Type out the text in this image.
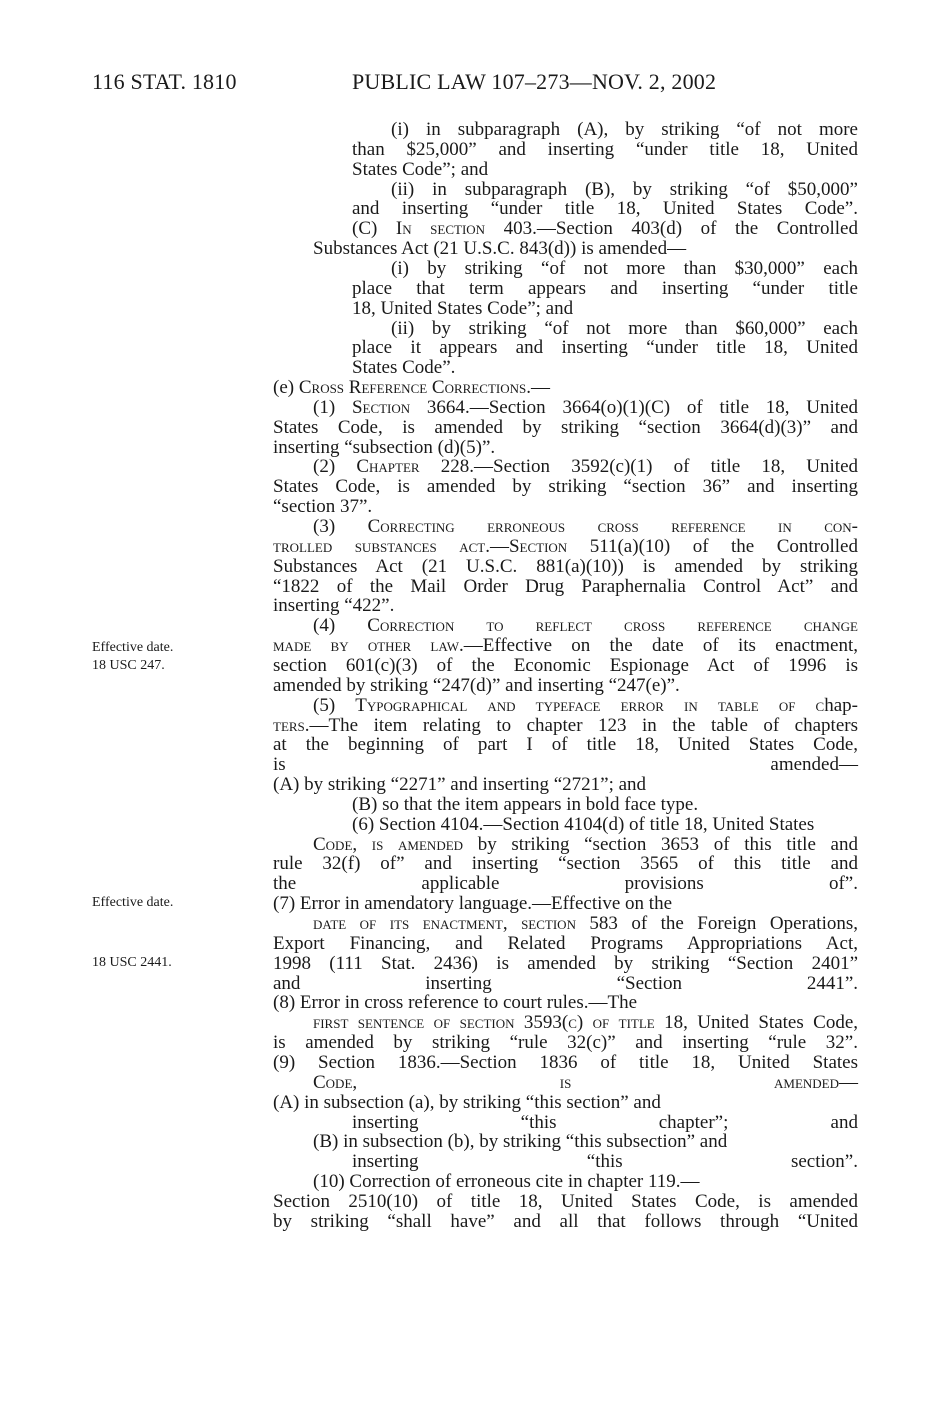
116 STAT. 1810	PUBLIC LAW 107–273—NOV. 2, 2002
Effective date.
18 USC 247.
Effective date.
18 USC 2441.
(i) in subparagraph (A), by striking “of not more
than $25,000” and inserting “under title 18, United
States Code”; and
(ii) in subparagraph (B), by striking “of $50,000”
and inserting “under title 18, United States Code”.
(C) In section 403.—Section 403(d) of the Controlled
Substances Act (21 U.S.C. 843(d)) is amended—
(i) by striking “of not more than $30,000” each
place that term appears and inserting “under title
18, United States Code”; and
(ii) by striking “of not more than $60,000” each
place it appears and inserting “under title 18, United
States Code”.
(e) Cross Reference Corrections.—
(1) Section 3664.—Section 3664(o)(1)(C) of title 18, United
States Code, is amended by striking “section 3664(d)(3)” and
inserting “subsection (d)(5)”.
(2) Chapter 228.—Section 3592(c)(1) of title 18, United
States Code, is amended by striking “section 36” and inserting
“section 37”.
(3) Correcting erroneous cross reference in con-
trolled substances act.—Section 511(a)(10) of the Controlled
Substances Act (21 U.S.C. 881(a)(10)) is amended by striking
“1822 of the Mail Order Drug Paraphernalia Control Act” and
inserting “422”.
(4) Correction to reflect cross reference change
made by other law.—Effective on the date of its enactment,
section 601(c)(3) of the Economic Espionage Act of 1996 is
amended by striking “247(d)” and inserting “247(e)”.
(5) Typographical and typeface error in table of chap-
ters.—The item relating to chapter 123 in the table of chapters
at the beginning of part I of title 18, United States Code,
is amended—
(A) by striking “2271” and inserting “2721”; and
(B) so that the item appears in bold face type.
(6) Section 4104.—Section 4104(d) of title 18, United States
Code, is amended by striking “section 3653 of this title and
rule 32(f) of” and inserting “section 3565 of this title and
the applicable provisions of”.
(7) Error in amendatory language.—Effective on the
date of its enactment, section 583 of the Foreign Operations,
Export Financing, and Related Programs Appropriations Act,
1998 (111 Stat. 2436) is amended by striking “Section 2401”
and inserting “Section 2441”.
(8) Error in cross reference to court rules.—The
first sentence of section 3593(c) of title 18, United States Code,
is amended by striking “rule 32(c)” and inserting “rule 32”.
(9) Section 1836.—Section 1836 of title 18, United States
Code, is amended—
(A) in subsection (a), by striking “this section” and
inserting “this chapter”; and
(B) in subsection (b), by striking “this subsection” and
inserting “this section”.
(10) Correction of erroneous cite in chapter 119.—
Section 2510(10) of title 18, United States Code, is amended
by striking “shall have” and all that follows through “United
